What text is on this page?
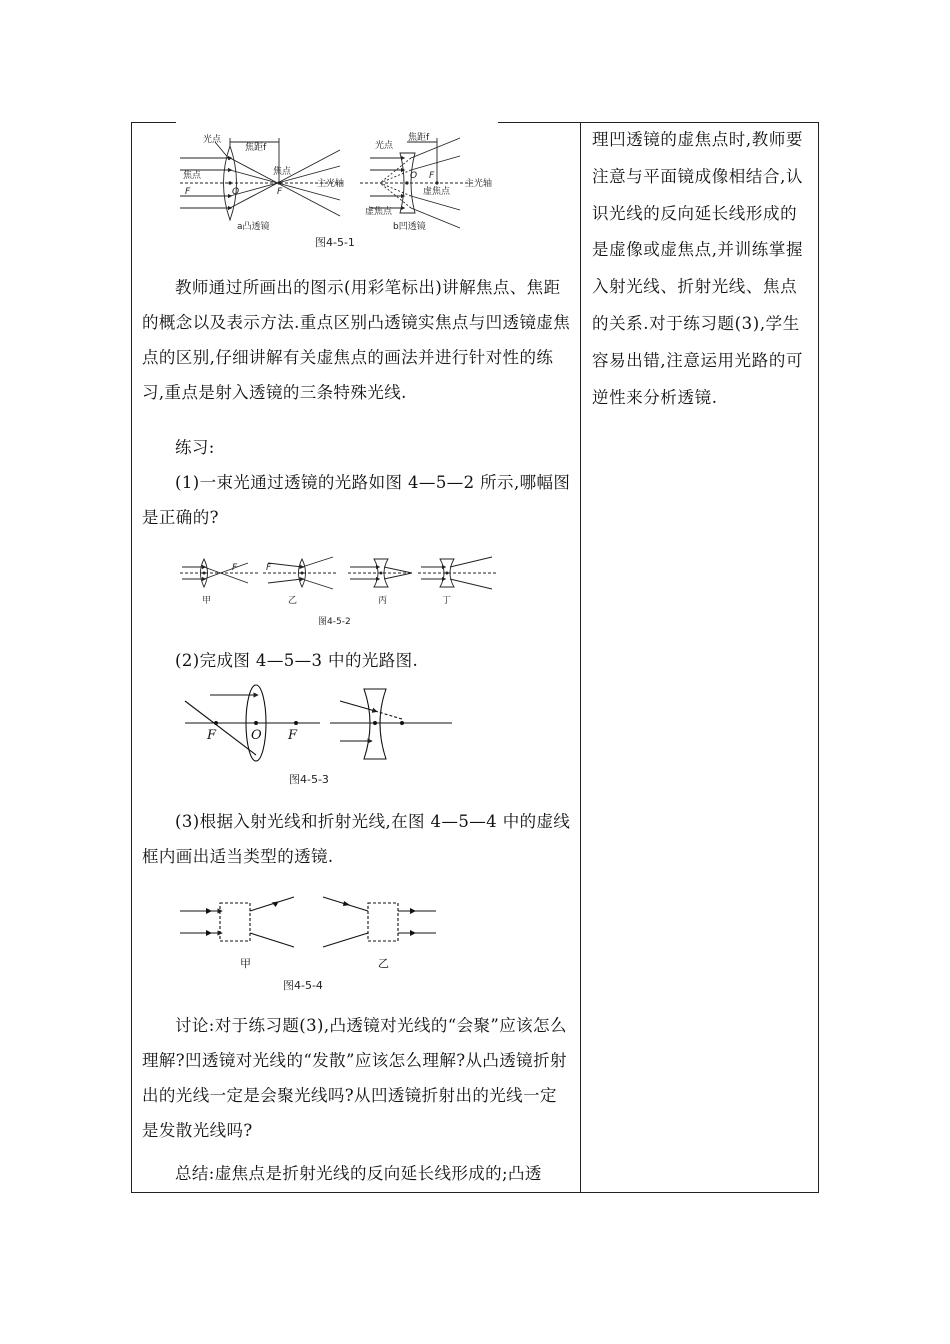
光点
焦距f
焦点
主光轴
焦点
F	O	F
a凸透镜
光点
焦距f
O F
虚焦点
主光轴
虚焦点
b凹透镜
图4-5-1
教师通过所画出的图示(用彩笔标出)讲解焦点、焦距的概念以及表示方法.重点区别凸透镜实焦点与凹透镜虚焦点的区别,仔细讲解有关虚焦点的画法并进行针对性的练习,重点是射入透镜的三条特殊光线.
练习:
(1)一束光通过透镜的光路如图 4—5—2 所示,哪幅图是正确的?
F	F
甲	乙	丙	丁
图4-5-2
(2)完成图 4—5—3 中的光路图.
F	O F
图4-5-3
(3)根据入射光线和折射光线,在图 4—5—4 中的虚线框内画出适当类型的透镜.
甲	乙
图4-5-4
讨论:对于练习题(3),凸透镜对光线的“会聚”应该怎么理解?凹透镜对光线的“发散”应该怎么理解?从凸透镜折射出的光线一定是会聚光线吗?从凹透镜折射出的光线一定是发散光线吗?
总结:虚焦点是折射光线的反向延长线形成的;凸透
理凹透镜的虚焦点时,教师要注意与平面镜成像相结合,认识光线的反向延长线形成的是虚像或虚焦点,并训练掌握入射光线、折射光线、焦点的关系.对于练习题(3),学生容易出错,注意运用光路的可逆性来分析透镜.
